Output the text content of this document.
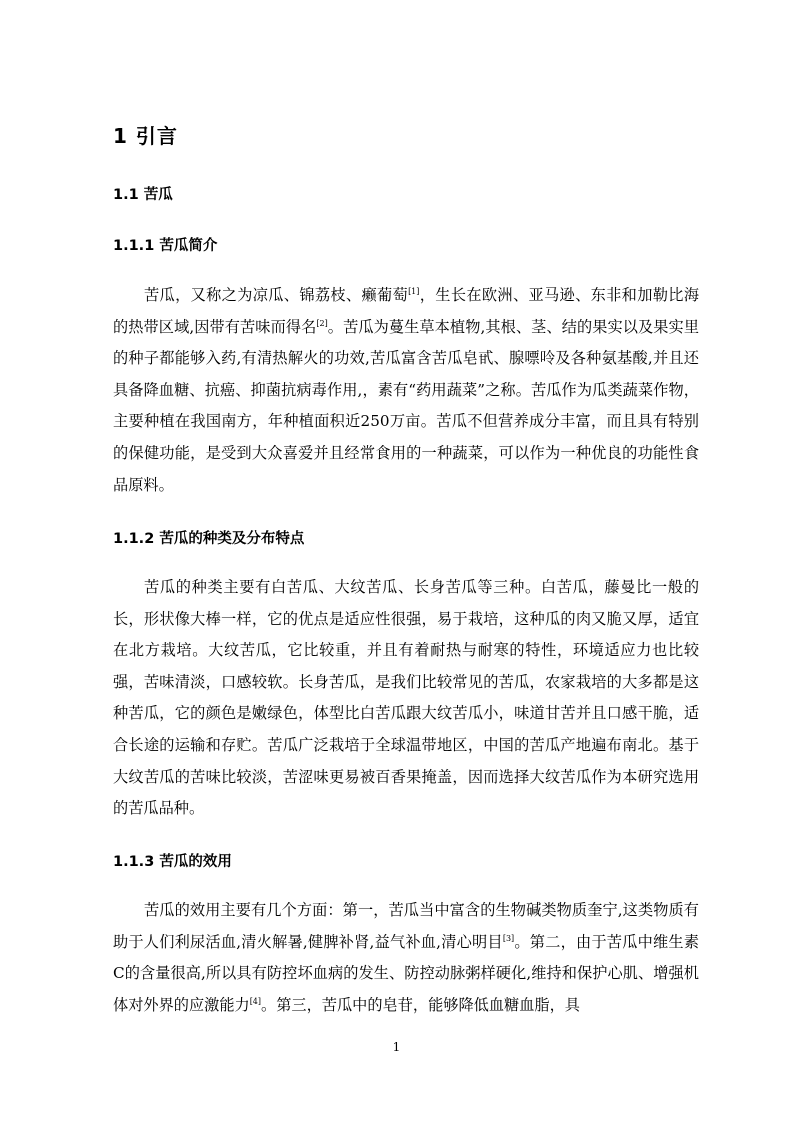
1 引言
1.1 苦瓜
1.1.1 苦瓜简介

苦瓜，又称之为凉瓜、锦荔枝、癞葡萄[1]，生长在欧洲、亚马逊、东非和加勒比海的热带区域,因带有苦味而得名[2]。苦瓜为蔓生草本植物,其根、茎、结的果实以及果实里的种子都能够入药,有清热解火的功效,苦瓜富含苦瓜皂甙、腺嘌呤及各种氨基酸,并且还具备降血糖、抗癌、抑菌抗病毒作用,，素有“药用蔬菜”之称。苦瓜作为瓜类蔬菜作物，主要种植在我国南方，年种植面积近250万亩。苦瓜不但营养成分丰富，而且具有特别的保健功能，是受到大众喜爱并且经常食用的一种蔬菜，可以作为一种优良的功能性食品原料。

1.1.2 苦瓜的种类及分布特点

苦瓜的种类主要有白苦瓜、大纹苦瓜、长身苦瓜等三种。白苦瓜，藤曼比一般的长，形状像大棒一样，它的优点是适应性很强，易于栽培，这种瓜的肉又脆又厚，适宜在北方栽培。大纹苦瓜，它比较重，并且有着耐热与耐寒的特性，环境适应力也比较强，苦味清淡，口感较软。长身苦瓜，是我们比较常见的苦瓜，农家栽培的大多都是这种苦瓜，它的颜色是嫩绿色，体型比白苦瓜跟大纹苦瓜小，味道甘苦并且口感干脆，适合长途的运输和存贮。苦瓜广泛栽培于全球温带地区，中国的苦瓜产地遍布南北。基于大纹苦瓜的苦味比较淡，苦涩味更易被百香果掩盖，因而选择大纹苦瓜作为本研究选用的苦瓜品种。

1.1.3 苦瓜的效用

苦瓜的效用主要有几个方面：第一，苦瓜当中富含的生物碱类物质奎宁,这类物质有助于人们利尿活血,清火解暑,健脾补肾,益气补血,清心明目[3]。第二，由于苦瓜中维生素C的含量很高,所以具有防控坏血病的发生、防控动脉粥样硬化,维持和保护心肌、增强机体对外界的应激能力[4]。第三，苦瓜中的皂苷，能够降低血糖血脂，具

1
